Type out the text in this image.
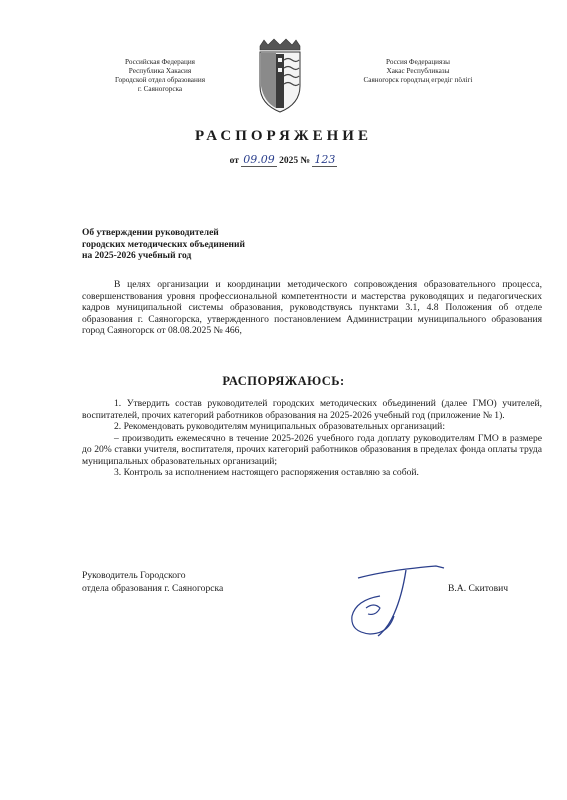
Российская Федерация
Республика Хакасия
Городской отдел образования
г. Саяногорска
Россия Федерациязы
Хакас Республиказы
Саяногорск городтың егредiг пӧлiгi
РАСПОРЯЖЕНИЕ
от 09.09 2025 № 123
Об утверждении руководителей
городских методических объединений
на 2025-2026 учебный год
В целях организации и координации методического сопровождения образовательного процесса, совершенствования уровня профессиональной компетентности и мастерства руководящих и педагогических кадров муниципальной системы образования, руководствуясь пунктами 3.1, 4.8 Положения об отделе образования г. Саяногорска, утвержденного постановлением Администрации муниципального образования город Саяногорск от 08.08.2025 № 466,
РАСПОРЯЖАЮСЬ:

1. Утвердить состав руководителей городских методических объединений (далее ГМО) учителей, воспитателей, прочих категорий работников образования на 2025-2026 учебный год (приложение № 1).

2. Рекомендовать руководителям муниципальных образовательных организаций:

– производить ежемесячно в течение 2025-2026 учебного года доплату руководителям ГМО в размере до 20% ставки учителя, воспитателя, прочих категорий работников образования в пределах фонда оплаты труда муниципальных образовательных организаций;

3. Контроль за исполнением настоящего распоряжения оставляю за собой.

Руководитель Городского
отдела образования г. Саяногорска	В.А. Скитович
